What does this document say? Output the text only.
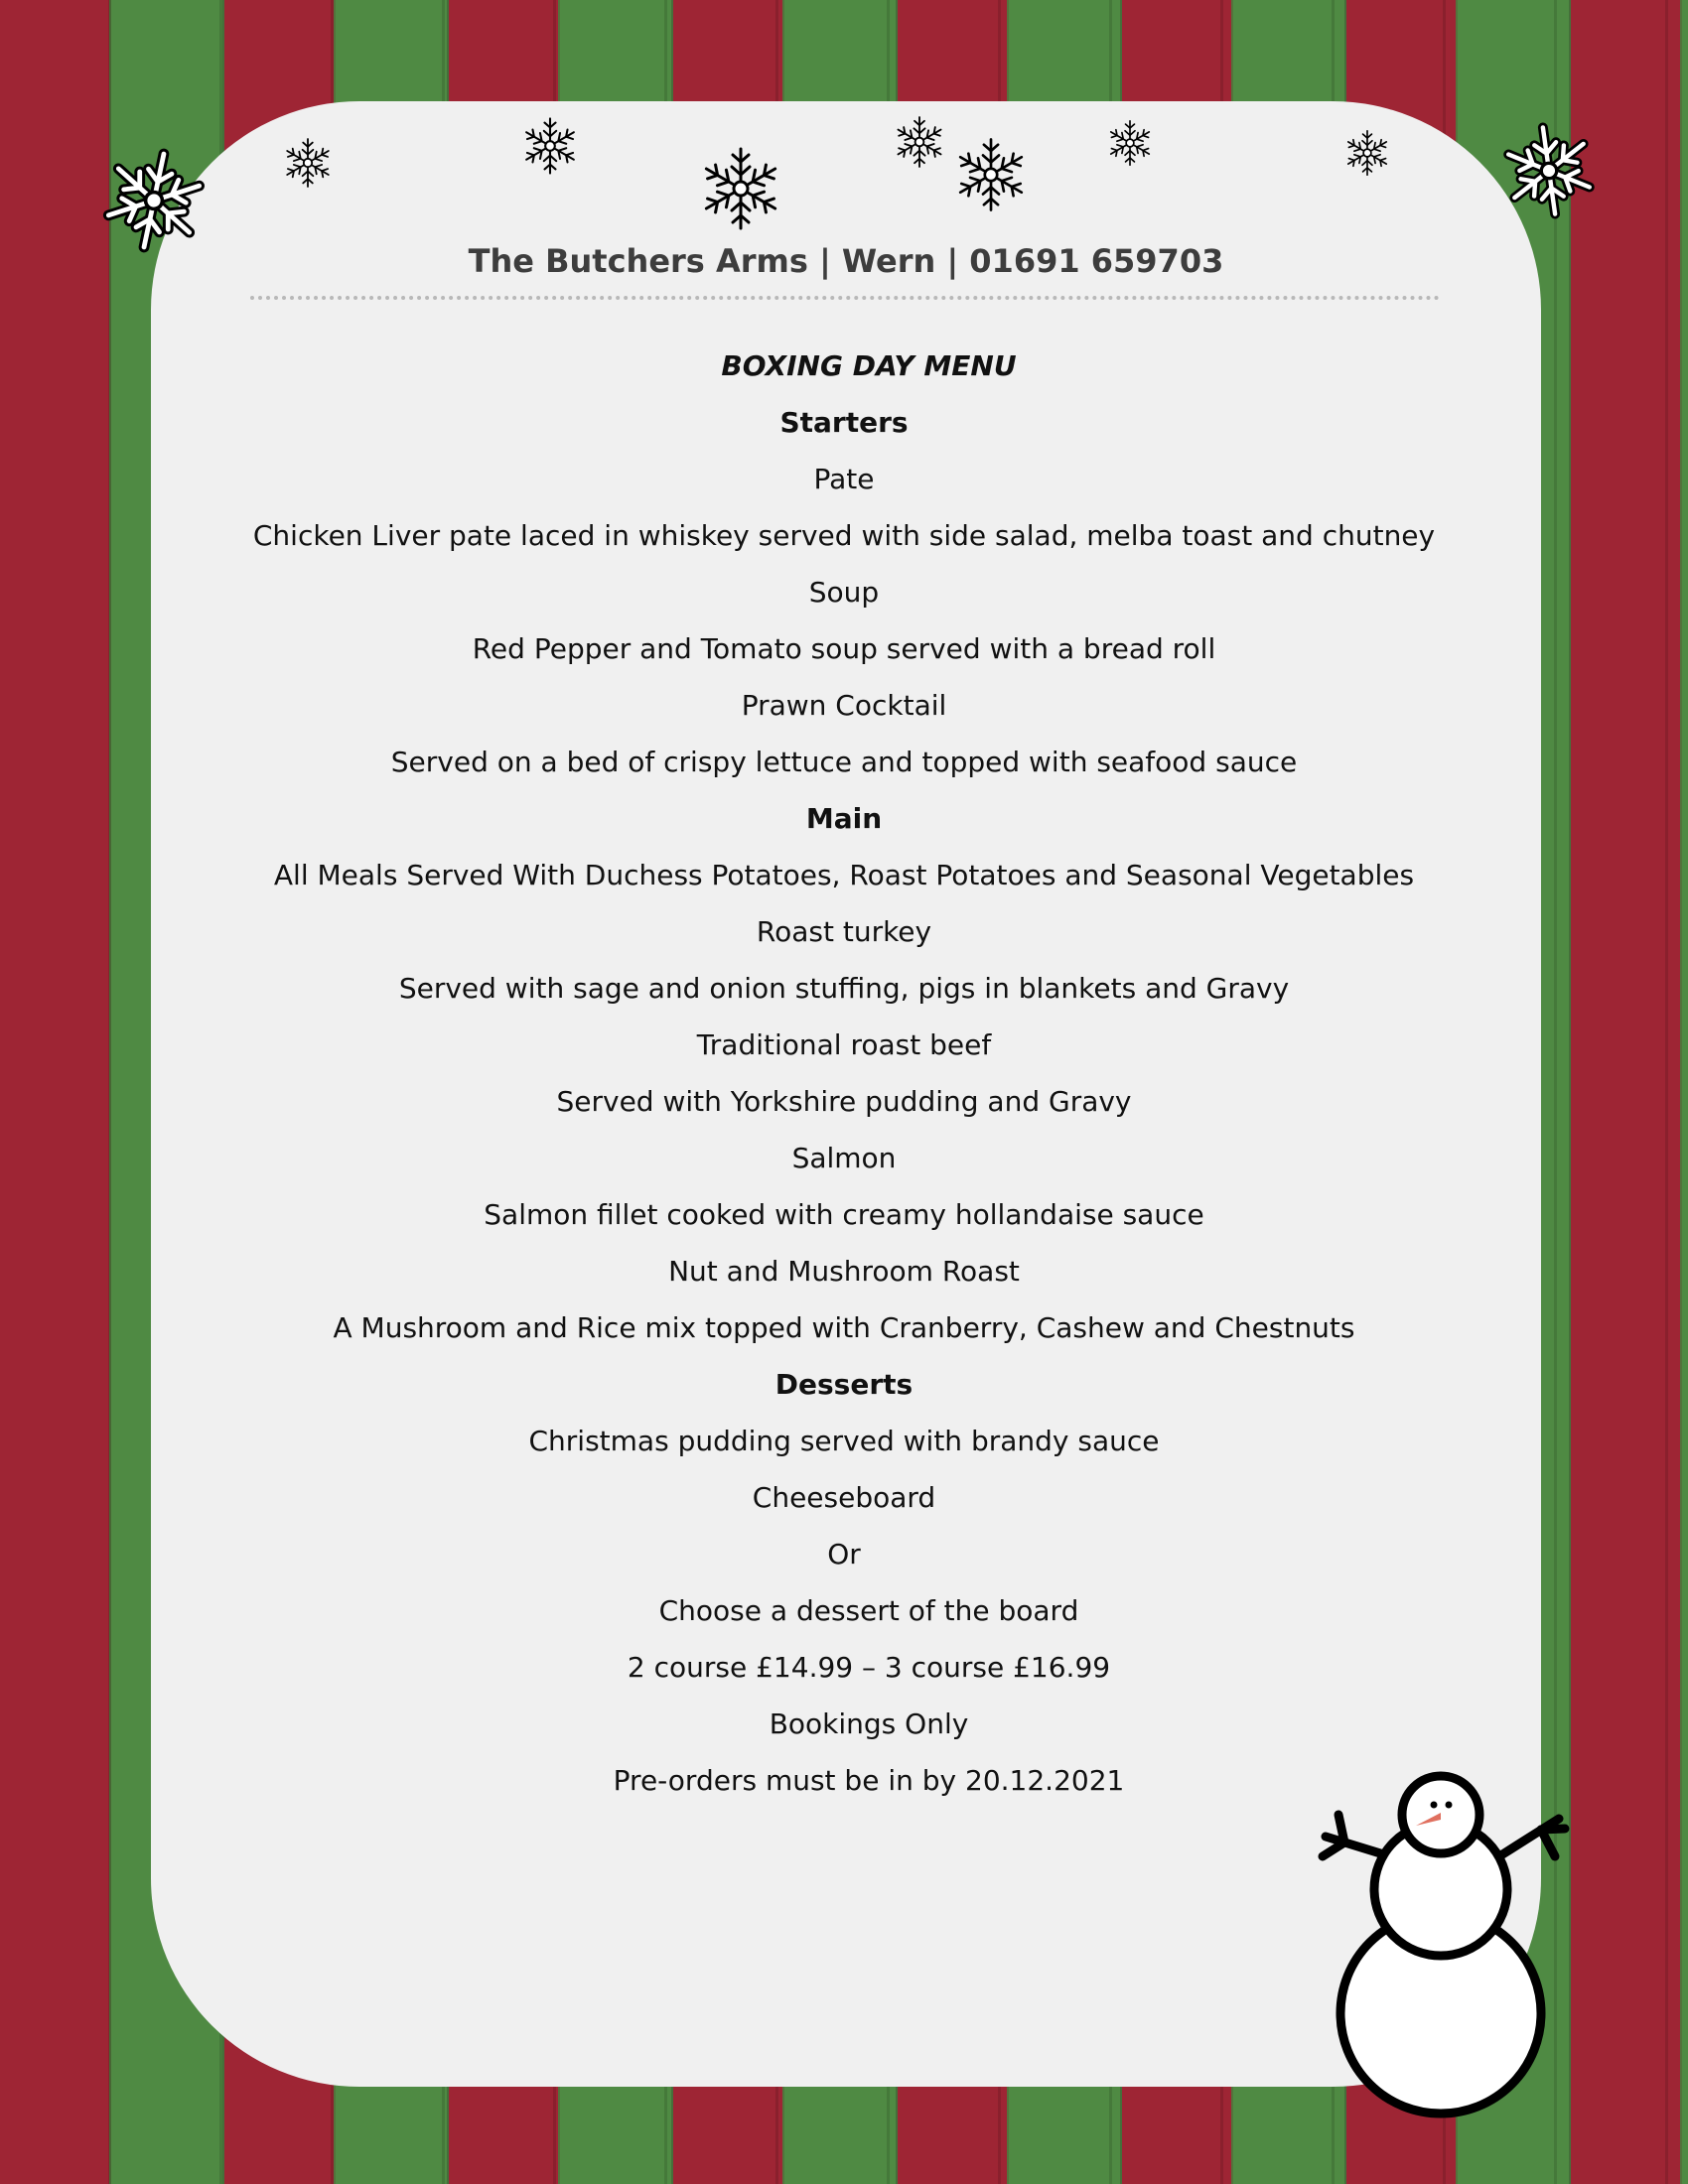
The Butchers Arms | Wern | 01691 659703
BOXING DAY MENU
Starters
Pate
Chicken Liver pate laced in whiskey served with side salad, melba toast and chutney
Soup
Red Pepper and Tomato soup served with a bread roll
Prawn Cocktail
Served on a bed of crispy lettuce and topped with seafood sauce
Main
All Meals Served With Duchess Potatoes, Roast Potatoes and Seasonal Vegetables
Roast turkey
Served with sage and onion stuffing, pigs in blankets and Gravy
Traditional roast beef
Served with Yorkshire pudding and Gravy
Salmon
Salmon fillet cooked with creamy hollandaise sauce
Nut and Mushroom Roast
A Mushroom and Rice mix topped with Cranberry, Cashew and Chestnuts
Desserts
Christmas pudding served with brandy sauce
Cheeseboard
Or
Choose a dessert of the board
2 course £14.99 – 3 course £16.99
Bookings Only
Pre-orders must be in by 20.12.2021
